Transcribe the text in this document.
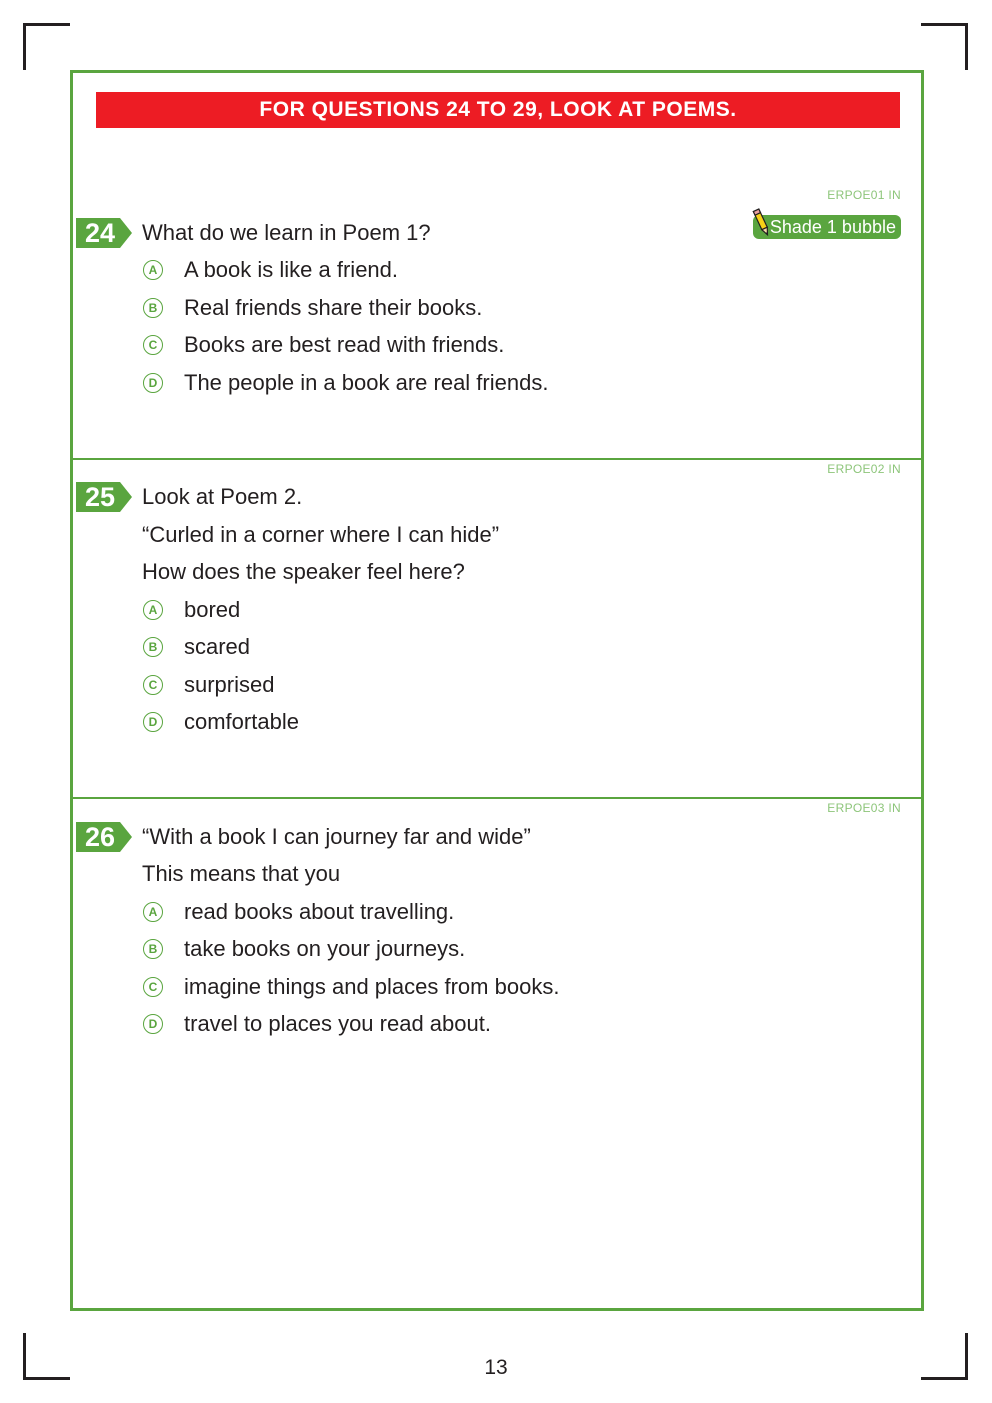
FOR QUESTIONS 24 TO 29, LOOK AT POEMS.
ERPOE01 IN
Shade 1 bubble
24 What do we learn in Poem 1?
A A book is like a friend.
B Real friends share their books.
C Books are best read with friends.
D The people in a book are real friends.
ERPOE02 IN
25 Look at Poem 2.
“Curled in a corner where I can hide”
How does the speaker feel here?
A bored
B scared
C surprised
D comfortable
ERPOE03 IN
26 “With a book I can journey far and wide”
This means that you
A read books about travelling.
B take books on your journeys.
C imagine things and places from books.
D travel to places you read about.
13
